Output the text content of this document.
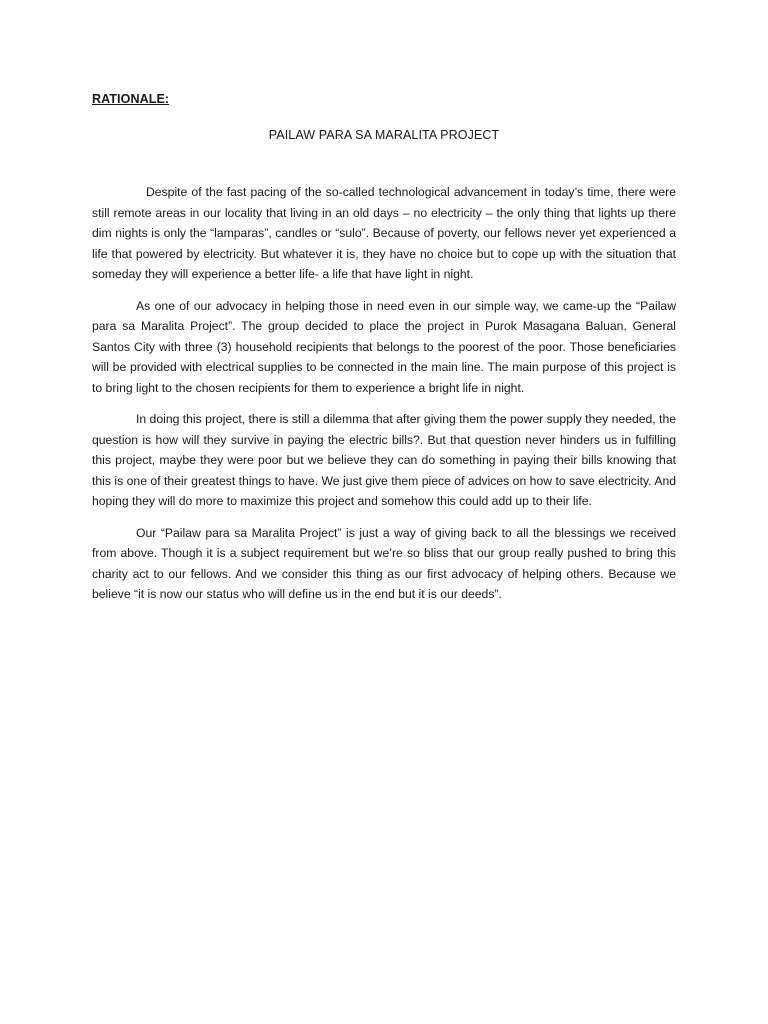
RATIONALE:
PAILAW PARA SA MARALITA PROJECT

Despite of the fast pacing of the so-called technological advancement in today’s time, there were still remote areas in our locality that living in an old days – no electricity – the only thing that lights up there dim nights is only the “lamparas”, candles or “sulo”. Because of poverty, our fellows never yet experienced a life that powered by electricity. But whatever it is, they have no choice but to cope up with the situation that someday they will experience a better life- a life that have light in night.

As one of our advocacy in helping those in need even in our simple way, we came-up the “Pailaw para sa Maralita Project”. The group decided to place the project in Purok Masagana Baluan, General Santos City with three (3) household recipients that belongs to the poorest of the poor. Those beneficiaries will be provided with electrical supplies to be connected in the main line. The main purpose of this project is to bring light to the chosen recipients for them to experience a bright life in night.

In doing this project, there is still a dilemma that after giving them the power supply they needed, the question is how will they survive in paying the electric bills?. But that question never hinders us in fulfilling this project, maybe they were poor but we believe they can do something in paying their bills knowing that this is one of their greatest things to have. We just give them piece of advices on how to save electricity. And hoping they will do more to maximize this project and somehow this could add up to their life.

Our “Pailaw para sa Maralita Project” is just a way of giving back to all the blessings we received from above. Though it is a subject requirement but we’re so bliss that our group really pushed to bring this charity act to our fellows. And we consider this thing as our first advocacy of helping others. Because we believe “it is now our status who will define us in the end but it is our deeds”.
